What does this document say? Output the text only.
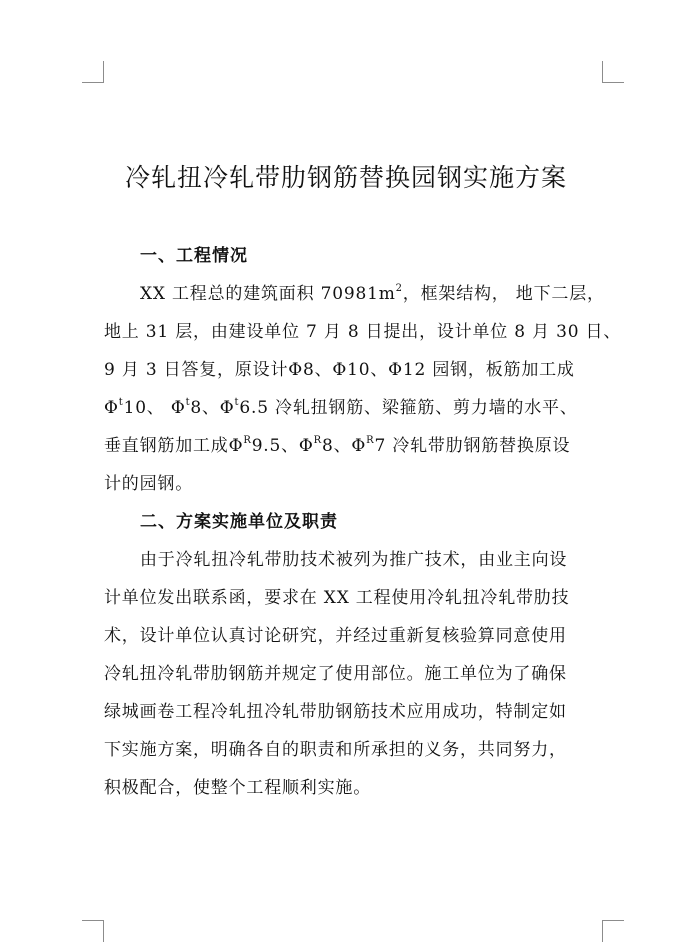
冷轧扭冷轧带肋钢筋替换园钢实施方案
一、工程情况
XX 工程总的建筑面积 $70981m^2$，框架结构， 地下二层，
地上 31 层，由建设单位 7 月 8 日提出，设计单位 8 月 30 日、
9 月 3 日答复，原设计Φ8、Φ10、Φ12 园钢，板筋加工成
$\Phi^t10$、 $\Phi^t8$、$\Phi^t6.5$ 冷轧扭钢筋、梁箍筋、剪力墙的水平、
垂直钢筋加工成$\Phi^R9.5$、$\Phi^R8$、$\Phi^R7$ 冷轧带肋钢筋替换原设
计的园钢。
二、方案实施单位及职责
由于冷轧扭冷轧带肋技术被列为推广技术，由业主向设
计单位发出联系函，要求在 XX 工程使用冷轧扭冷轧带肋技
术，设计单位认真讨论研究，并经过重新复核验算同意使用
冷轧扭冷轧带肋钢筋并规定了使用部位。施工单位为了确保
绿城画卷工程冷轧扭冷轧带肋钢筋技术应用成功，特制定如
下实施方案，明确各自的职责和所承担的义务，共同努力，
积极配合，使整个工程顺利实施。
